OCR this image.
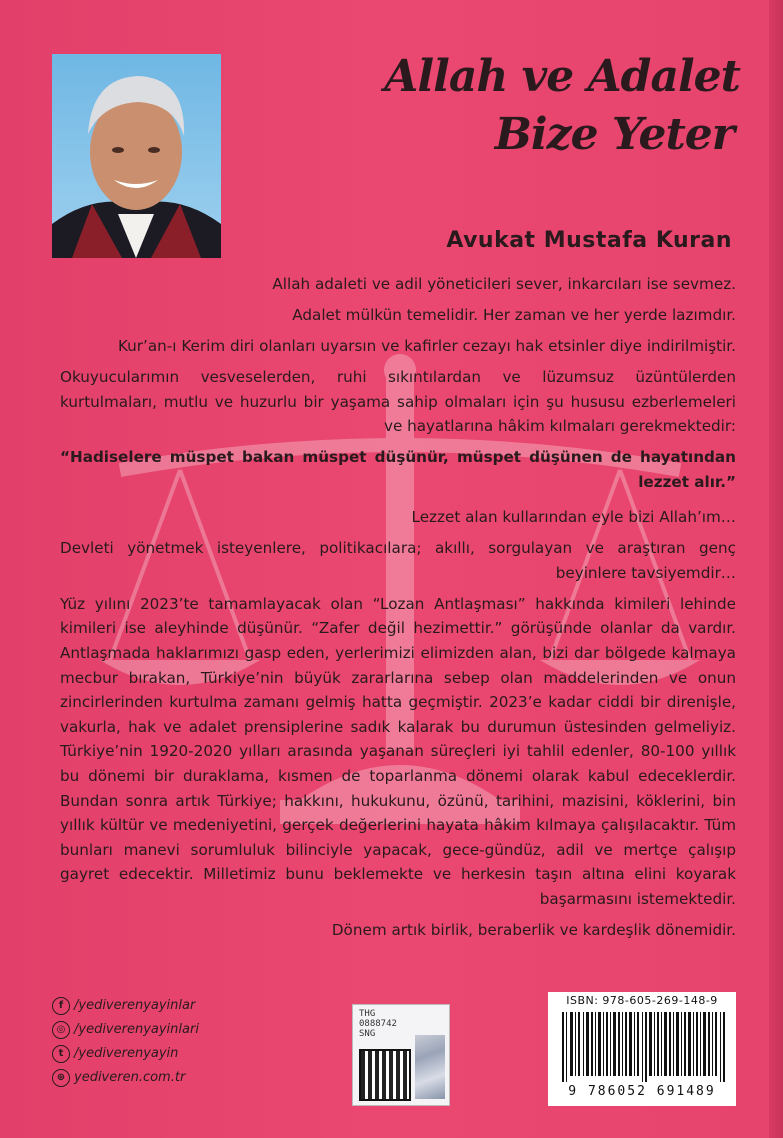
Allah ve Adalet
Bize Yeter
Avukat Mustafa Kuran

Allah adaleti ve adil yöneticileri sever, inkarcıları ise sevmez.

Adalet mülkün temelidir. Her zaman ve her yerde lazımdır.

Kur’an-ı Kerim diri olanları uyarsın ve kafirler cezayı hak etsinler diye indirilmiştir.

Okuyucularımın vesveselerden, ruhi sıkıntılardan ve lüzumsuz üzüntülerden kurtulmaları, mutlu ve huzurlu bir yaşama sahip olmaları için şu hususu ezberlemeleri ve hayatlarına hâkim kılmaları gerekmektedir:

“Hadiselere müspet bakan müspet düşünür, müspet düşünen de hayatından lezzet alır.”

Lezzet alan kullarından eyle bizi Allah’ım…

Devleti yönetmek isteyenlere, politikacılara; akıllı, sorgulayan ve araştıran genç beyinlere tavsiyemdir…

Yüz yılını 2023’te tamamlayacak olan “Lozan Antlaşması” hakkında kimileri lehinde kimileri ise aleyhinde düşünür. “Zafer değil hezimettir.” görüşünde olanlar da vardır. Antlaşmada haklarımızı gasp eden, yerlerimizi elimizden alan, bizi dar bölgede kalmaya mecbur bırakan, Türkiye’nin büyük zararlarına sebep olan maddelerinden ve onun zincirlerinden kurtulma zamanı gelmiş hatta geçmiştir. 2023’e kadar ciddi bir direnişle, vakurla, hak ve adalet prensiplerine sadık kalarak bu durumun üstesinden gelmeliyiz. Türkiye’nin 1920-2020 yılları arasında yaşanan süreçleri iyi tahlil edenler, 80-100 yıllık bu dönemi bir duraklama, kısmen de toparlanma dönemi olarak kabul edeceklerdir. Bundan sonra artık Türkiye; hakkını, hukukunu, özünü, tarihini, mazisini, köklerini, bin yıllık kültür ve medeniyetini, gerçek değerlerini hayata hâkim kılmaya çalışılacaktır. Tüm bunları manevi sorumluluk bilinciyle yapacak, gece-gündüz, adil ve mertçe çalışıp gayret edecektir. Milletimiz bunu beklemekte ve herkesin taşın altına elini koyarak başarmasını istemektedir.

Dönem artık birlik, beraberlik ve kardeşlik dönemidir.

f /yediverenyayinlar
◎ /yediverenyayinlari
t /yediverenyayin
⊕ yediveren.com.tr
THG
0888742
SNG
ISBN: 978-605-269-148-9
9 786052 691489
